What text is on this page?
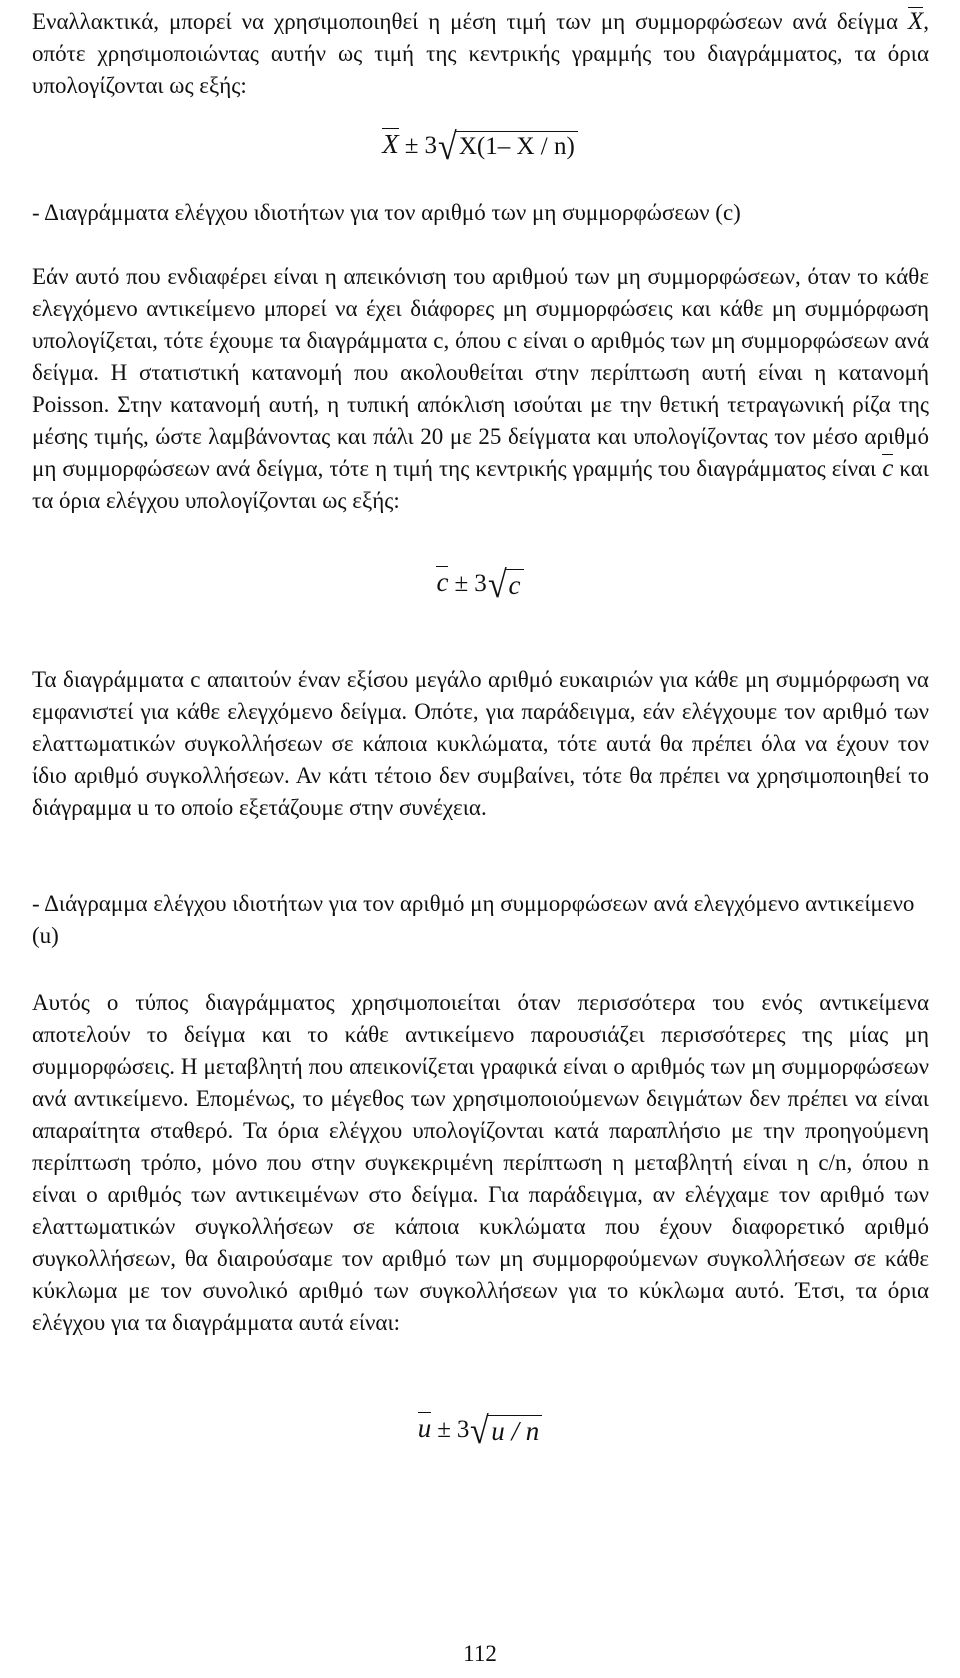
Εναλλακτικά, μπορεί να χρησιμοποιηθεί η μέση τιμή των μη συμμορφώσεων ανά δείγμα X, οπότε χρησιμοποιώντας αυτήν ως τιμή της κεντρικής γραμμής του διαγράμματος, τα όρια υπολογίζονται ως εξής:

X ± 3√X(1– X / n)

- Διαγράμματα ελέγχου ιδιοτήτων για τον αριθμό των μη συμμορφώσεων (c)

Εάν αυτό που ενδιαφέρει είναι η απεικόνιση του αριθμού των μη συμμορφώσεων, όταν το κάθε ελεγχόμενο αντικείμενο μπορεί να έχει διάφορες μη συμμορφώσεις και κάθε μη συμμόρφωση υπολογίζεται, τότε έχουμε τα διαγράμματα c, όπου c είναι ο αριθμός των μη συμμορφώσεων ανά δείγμα. Η στατιστική κατανομή που ακολουθείται στην περίπτωση αυτή είναι η κατανομή Poisson. Στην κατανομή αυτή, η τυπική απόκλιση ισούται με την θετική τετραγωνική ρίζα της μέσης τιμής, ώστε λαμβάνοντας και πάλι 20 με 25 δείγματα και υπολογίζοντας τον μέσο αριθμό μη συμμορφώσεων ανά δείγμα, τότε η τιμή της κεντρικής γραμμής του διαγράμματος είναι c και τα όρια ελέγχου υπολογίζονται ως εξής:

c ± 3√c

Τα διαγράμματα c απαιτούν έναν εξίσου μεγάλο αριθμό ευκαιριών για κάθε μη συμμόρφωση να εμφανιστεί για κάθε ελεγχόμενο δείγμα. Οπότε, για παράδειγμα, εάν ελέγχουμε τον αριθμό των ελαττωματικών συγκολλήσεων σε κάποια κυκλώματα, τότε αυτά θα πρέπει όλα να έχουν τον ίδιο αριθμό συγκολλήσεων. Αν κάτι τέτοιο δεν συμβαίνει, τότε θα πρέπει να χρησιμοποιηθεί το διάγραμμα u το οποίο εξετάζουμε στην συνέχεια.

- Διάγραμμα ελέγχου ιδιοτήτων για τον αριθμό μη συμμορφώσεων ανά ελεγχόμενο αντικείμενο (u)

Αυτός ο τύπος διαγράμματος χρησιμοποιείται όταν περισσότερα του ενός αντικείμενα αποτελούν το δείγμα και το κάθε αντικείμενο παρουσιάζει περισσότερες της μίας μη συμμορφώσεις. Η μεταβλητή που απεικονίζεται γραφικά είναι ο αριθμός των μη συμμορφώσεων ανά αντικείμενο. Επομένως, το μέγεθος των χρησιμοποιούμενων δειγμάτων δεν πρέπει να είναι απαραίτητα σταθερό. Τα όρια ελέγχου υπολογίζονται κατά παραπλήσιο με την προηγούμενη περίπτωση τρόπο, μόνο που στην συγκεκριμένη περίπτωση η μεταβλητή είναι η c/n, όπου n είναι ο αριθμός των αντικειμένων στο δείγμα. Για παράδειγμα, αν ελέγχαμε τον αριθμό των ελαττωματικών συγκολλήσεων σε κάποια κυκλώματα που έχουν διαφορετικό αριθμό συγκολλήσεων, θα διαιρούσαμε τον αριθμό των μη συμμορφούμενων συγκολλήσεων σε κάθε κύκλωμα με τον συνολικό αριθμό των συγκολλήσεων για το κύκλωμα αυτό. Έτσι, τα όρια ελέγχου για τα διαγράμματα αυτά είναι:

u ± 3√u / n
112
